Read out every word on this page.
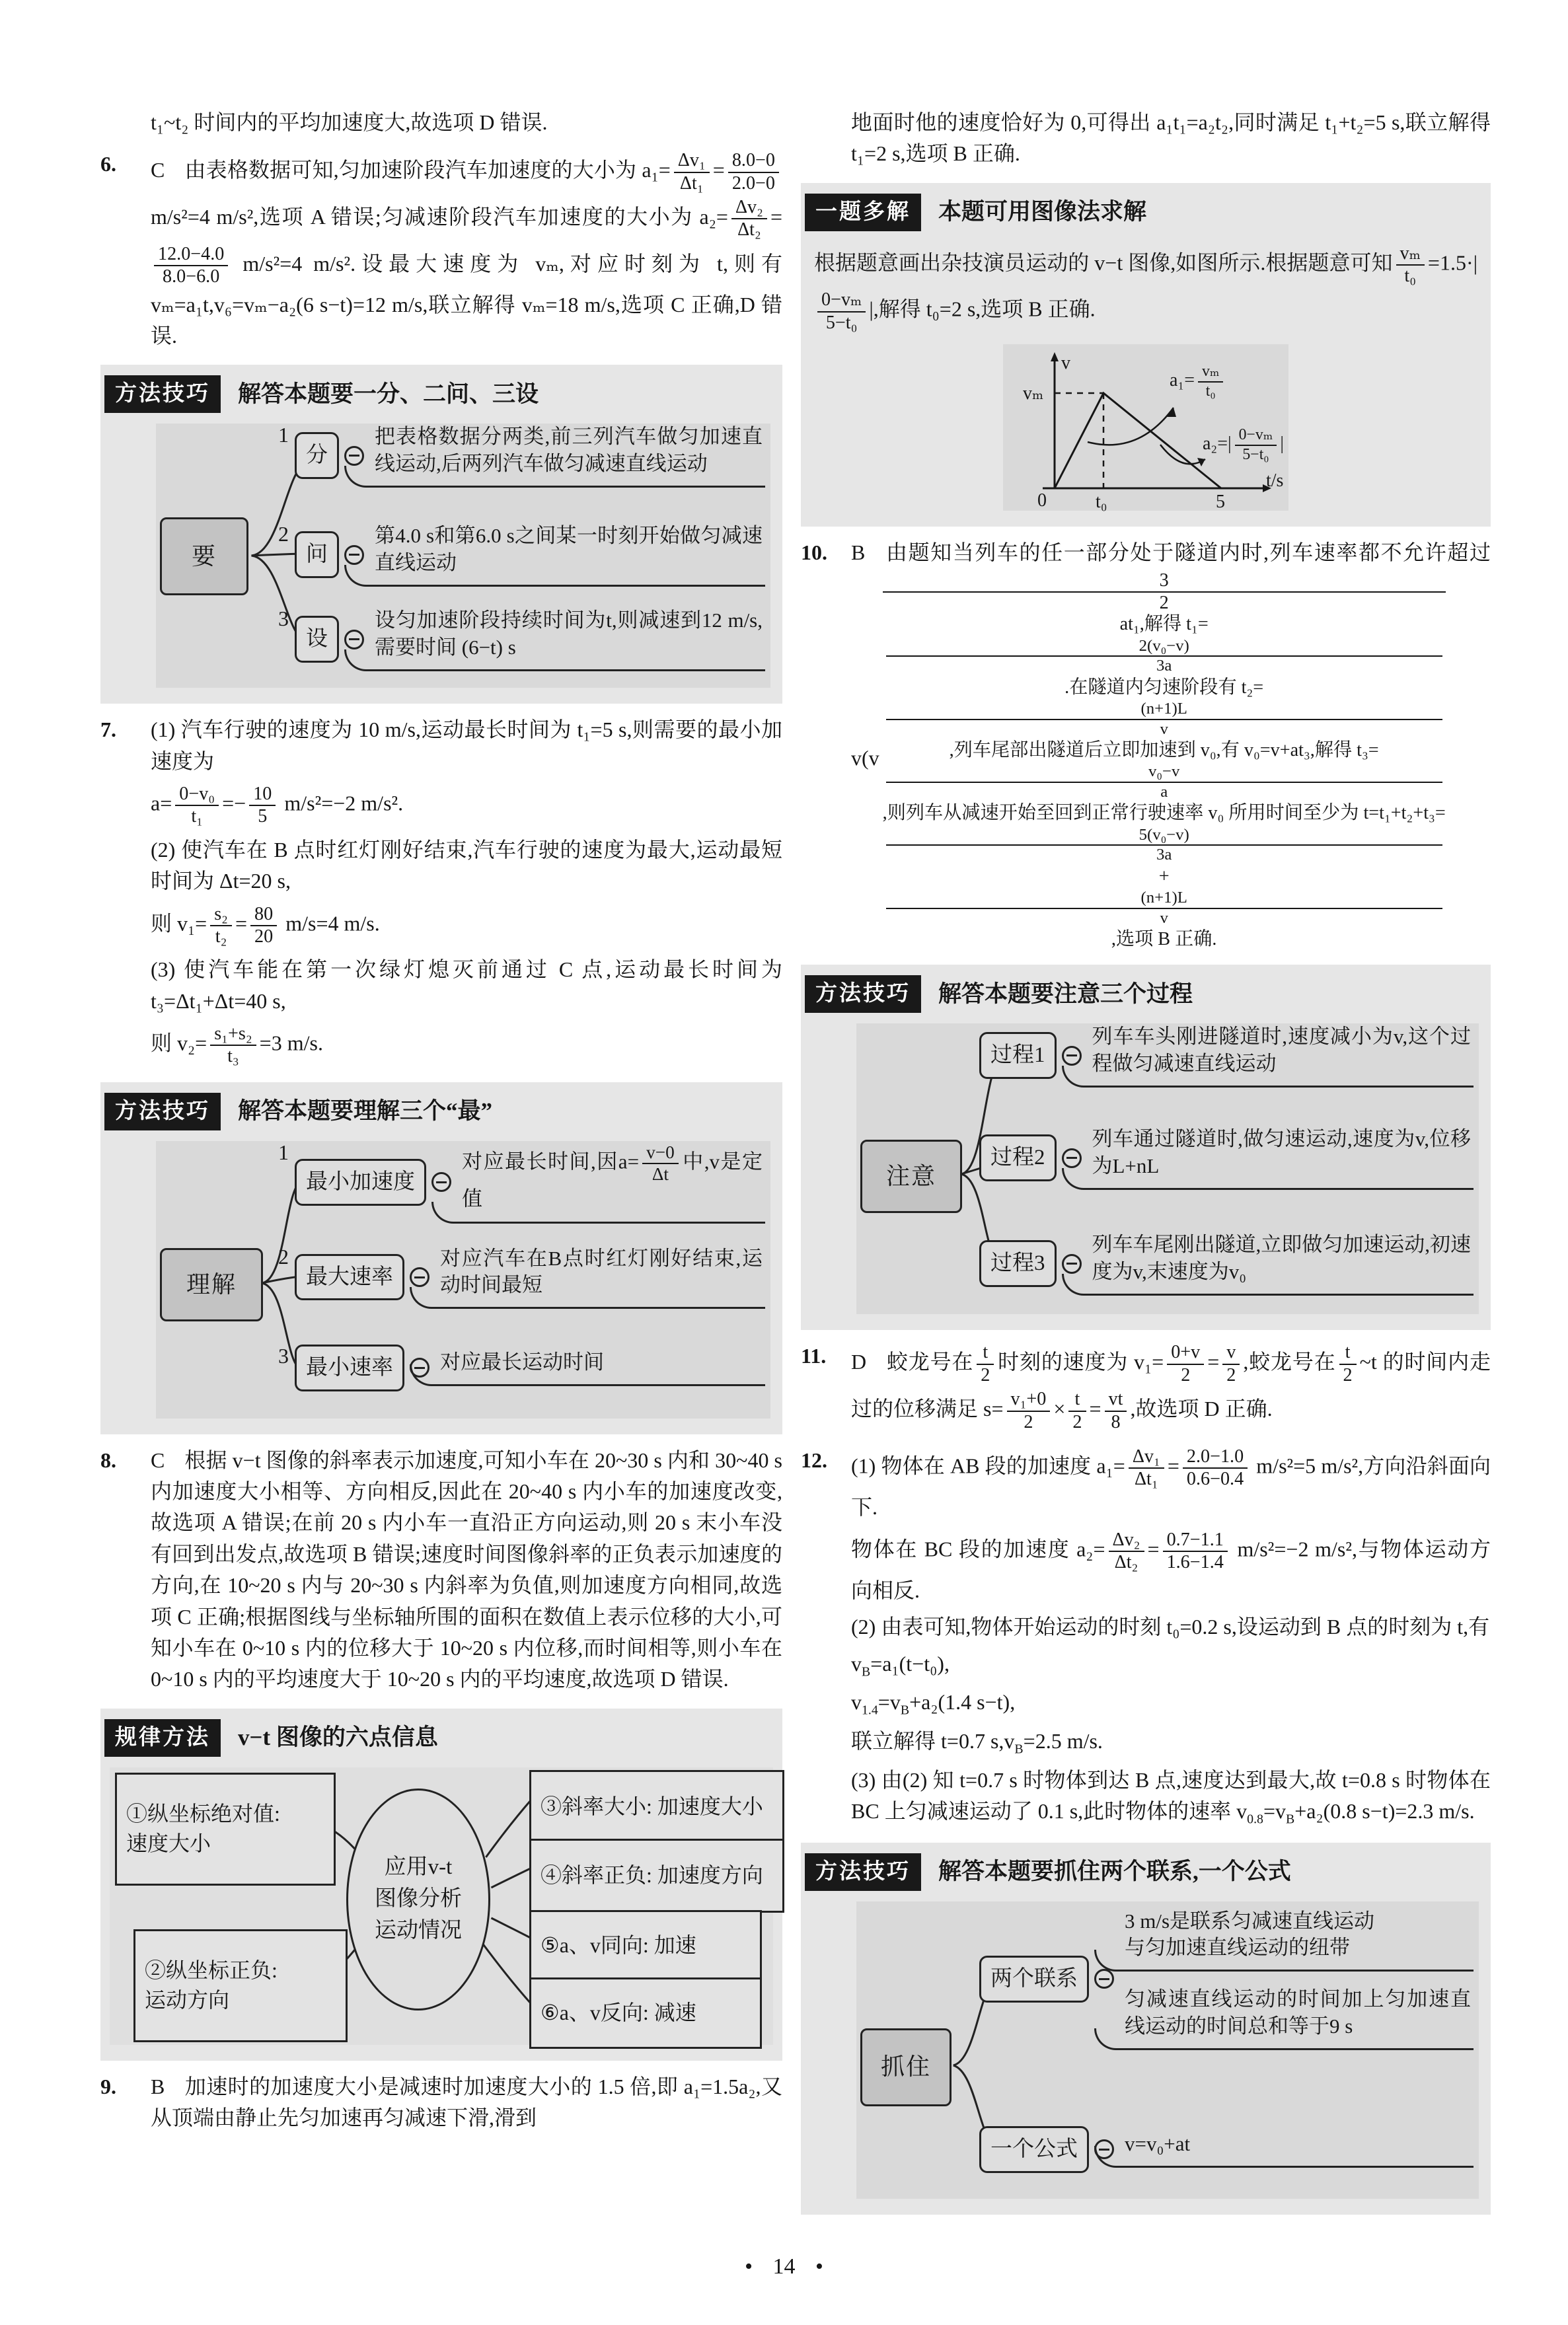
t₁~t₂ 时间内的平均加速度大,故选项 D 错误.

6. C 由表格数据可知,匀加速阶段汽车加速度的大小为 $a_1= \frac{\text{Δv₁}}{\text{Δt₁}} = \frac{8.0-0}{2.0-0}$
m/s²=4 m/s²,选项 A 错误;匀减速阶段汽车加速度的大小为 $a_2= \frac{\text{Δv₂}}{\text{Δt₂}}$ =
$\frac{12.0-4.0}{8.0-6.0} m/s^2=4$ m/s².设最大速度为 vₘ,对应时刻为 t,则有 vₘ=a₁t,v₆=vₘ−a₂(6 s−t)=12 m/s,联立解得 vₘ=18 m/s,选项 C 正确,D 错误.

方法技巧	解答本题要一分、二问、三设
要
1
分
把表格数据分两类,前三列汽车做匀加速直线运动,后两列汽车做匀减速直线运动
2
问
第4.0 s和第6.0 s之间某一时刻开始做匀减速直线运动
3
设
设匀加速阶段持续时间为t,则减速到12 m/s,需要时间 (6−t) s
7. (1) 汽车行驶的速度为 10 m/s,运动最长时间为 t₁=5 s,则需要的最小加速度为

$a= \frac{\text{0−v₀}}{\text{t₁}} =- \frac{10}{5} m/s^2=-2$ m/s².

(2) 使汽车在 B 点时红灯刚好结束,汽车行驶的速度为最大,运动最短时间为 Δt=20 s,

则 $v_1= \frac{\text{s₂}}{\text{t₂}} = \frac{80}{20} m/s=4$ m/s.

(3) 使汽车能在第一次绿灯熄灭前通过 C 点,运动最长时间为 t₃=Δt₁+Δt=40 s,

则 $v_2= \frac{\text{s₁+s₂}}{\text{t₃}} =3$ m/s.

方法技巧	解答本题要理解三个“最”
理解
1
最小加速度
对应最长时间,因$a= \frac{v-0}{\Delta t}$ 中,v是定值
2
最大速率
对应汽车在B点时红灯刚好结束,运动时间最短
3 最小速率	对应最长运动时间
8. C 根据 v−t 图像的斜率表示加速度,可知小车在 20~30 s 内和 30~40 s 内加速度大小相等、方向相反,因此在 20~40 s 内小车的加速度改变,故选项 A 错误;在前 20 s 内小车一直沿正方向运动,则 20 s 末小车没有回到出发点,故选项 B 错误;速度时间图像斜率的正负表示加速度的方向,在 10~20 s 内与 20~30 s 内斜率为负值,则加速度方向相同,故选项 C 正确;根据图线与坐标轴所围的面积在数值上表示位移的大小,可知小车在 0~10 s 内的位移大于 10~20 s 内位移,而时间相等,则小车在 0~10 s 内的平均速度大于 10~20 s 内的平均速度,故选项 D 错误.

规律方法	v−t 图像的六点信息
①纵坐标绝对值:
速度大小
②纵坐标正负:
运动方向
应用v-t
图像分析
运动情况
③斜率大小: 加速度大小
④斜率正负: 加速度方向
⑤a、v同向: 加速
⑥a、v反向: 减速
9. B 加速时的加速度大小是减速时加速度大小的 1.5 倍,即 a₁=1.5a₂,又从顶端由静止先匀加速再匀减速下滑,滑到

地面时他的速度恰好为 0,可得出 a₁t₁=a₂t₂,同时满足 t₁+t₂=5 s,联立解得 t₁=2 s,选项 B 正确.

一题多解	本题可用图像法求解

根据题意画出杂技演员运动的 v−t 图像,如图所示.根据题意可知 $\frac{\text{vₘ}}{\text{t₀}} =1.5\cdot|$
$\frac{\text{0−vₘ}}{\text{5−t₀}}$ |,解得 t₀=2 s,选项 B 正确.

v
vₘ
0	t₀	5
t/s
$a_1= \frac{\text{vₘ}}{\text{t₀}}$
$a_2=| \frac{\text{0−vₘ}}{\text{5−t₀}}$ |
10. B 由题知当列车的任一部分处于隧道内时,列车速率都不允许超过 v(v
3
2
at₁,解得 t₁=
$\frac{\text{2(v₀−v)}}{3a}$
.在隧道内匀速阶段有 t₂=
$\frac{(n+1)L}{v}$
,列车尾部出隧道后立即加速到 v₀,有 v₀=v+at₃,解得 t₃=
$\frac{\text{v₀−v}}{a}$
,则列车从减速开始至回到正常行驶速率 v₀ 所用时间至少为 t=t₁+t₂+t₃=
$\frac{\text{5(v₀−v)}}{3a}$
+
$\frac{(n+1)L}{v}$
,选项 B 正确.

方法技巧	解答本题要注意三个过程
注意
过程1
列车车头刚进隧道时,速度减小为v,这个过程做匀减速直线运动
过程2
列车通过隧道时,做匀速运动,速度为v,位移为L+nL
过程3
列车车尾刚出隧道,立即做匀加速运动,初速度为v,末速度为v₀
11. D 蛟龙号在 $\frac{t}{2}$ 时刻的速度为 $v_1= \frac{0+v}{2} = \frac{v}{2}$ ,蛟龙号在 $\frac{t}{2}$ ~t 的时间内走过的位移满足 $s= \frac{\text{v₁+0}}{2} \times \frac{t}{2} = \frac{vt}{8}$ ,故选项 D 正确.

12. (1) 物体在 AB 段的加速度 $a_1= \frac{\text{Δv₁}}{\text{Δt₁}} = \frac{2.0-1.0}{0.6-0.4} m/s^2=5$ m/s²,方向沿斜面向下.

物体在 BC 段的加速度 $a_2= \frac{\text{Δv₂}}{\text{Δt₂}} = \frac{0.7-1.1}{1.6-1.4} m/s^2=-2$ m/s²,与物体运动方向相反.

(2) 由表可知,物体开始运动的时刻 t₀=0.2 s,设运动到 B 点的时刻为 t,有

$v_B=a_1(t-t_0)$,

$v_{1.4}=v_B+a_2(1.4$ s−t),

联立解得 t=0.7 $s,v_B=2.5$ m/s.

(3) 由(2) 知 t=0.7 s 时物体到达 B 点,速度达到最大,故 t=0.8 s 时物体在 BC 上匀减速运动了 0.1 s,此时物体的速率 $v_{0.8}=v_B+a_2(0.8$ s−t)=2.3 m/s.

方法技巧	解答本题要抓住两个联系,一个公式
抓住
两个联系
3 m/s是联系匀减速直线运动
与匀加速直线运动的纽带
匀减速直线运动的时间加上匀加速直线运动的时间总和等于9 s
一个公式	v=v₀+at
• 14 •
